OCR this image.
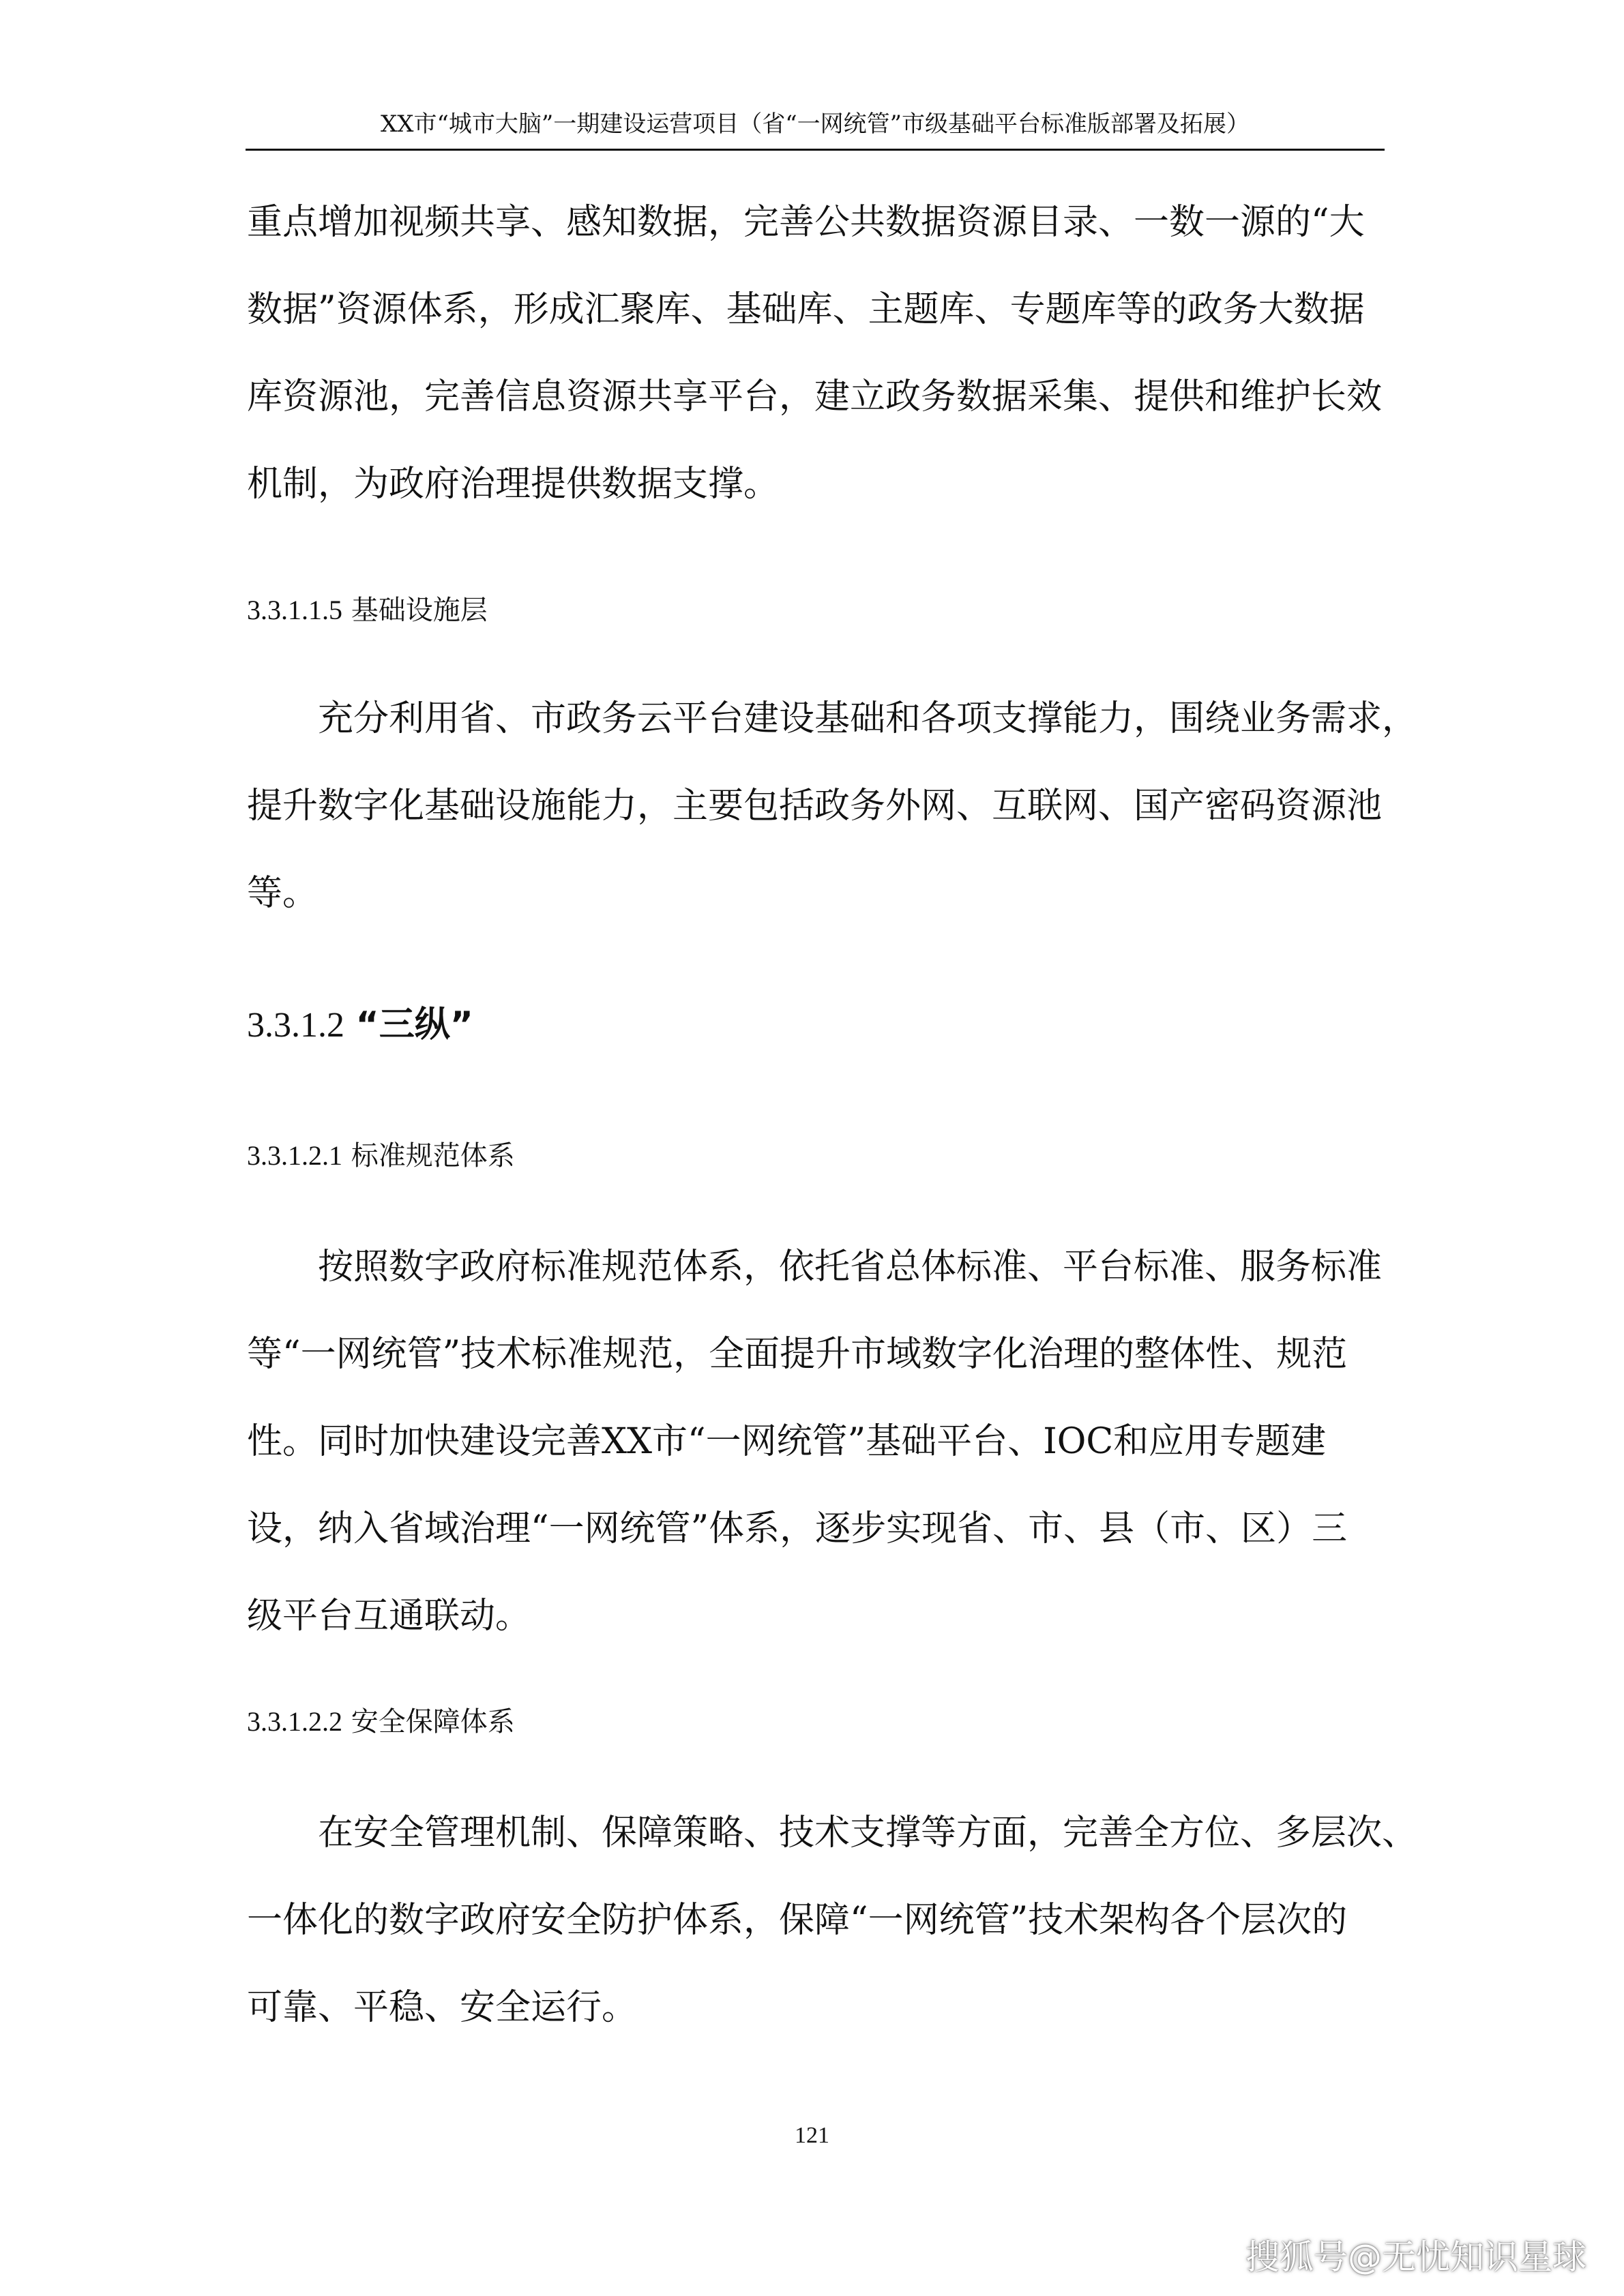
XX市“城市大脑”一期建设运营项目（省“一网统管”市级基础平台标准版部署及拓展）
重点增加视频共享、感知数据，完善公共数据资源目录、一数一源的“大
数据”资源体系，形成汇聚库、基础库、主题库、专题库等的政务大数据
库资源池，完善信息资源共享平台，建立政务数据采集、提供和维护长效
机制，为政府治理提供数据支撑。
3.3.1.1.5 基础设施层
充分利用省、市政务云平台建设基础和各项支撑能力，围绕业务需求，
提升数字化基础设施能力，主要包括政务外网、互联网、国产密码资源池
等。
3.3.1.2 “三纵”
3.3.1.2.1 标准规范体系
按照数字政府标准规范体系，依托省总体标准、平台标准、服务标准
等“一网统管”技术标准规范，全面提升市域数字化治理的整体性、规范
性。同时加快建设完善XX市“一网统管”基础平台、IOC和应用专题建
设，纳入省域治理“一网统管”体系，逐步实现省、市、县（市、区）三
级平台互通联动。
3.3.1.2.2 安全保障体系
在安全管理机制、保障策略、技术支撑等方面，完善全方位、多层次、
一体化的数字政府安全防护体系，保障“一网统管”技术架构各个层次的
可靠、平稳、安全运行。
121
搜狐号@无忧知识星球
